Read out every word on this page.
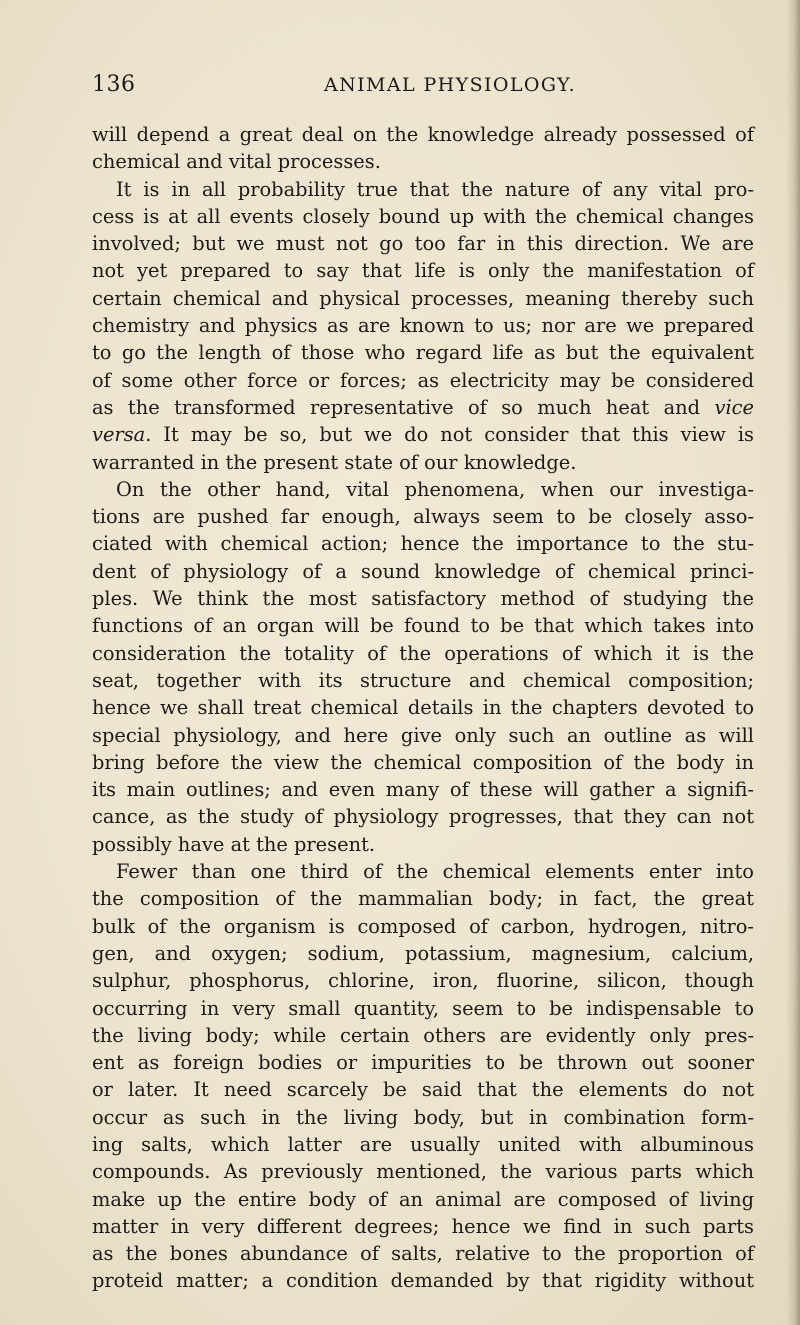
136	ANIMAL PHYSIOLOGY.
will depend a great deal on the knowledge already possessed of
chemical and vital processes.
It is in all probability true that the nature of any vital pro-
cess is at all events closely bound up with the chemical changes
involved; but we must not go too far in this direction. We are
not yet prepared to say that life is only the manifestation of
certain chemical and physical processes, meaning thereby such
chemistry and physics as are known to us; nor are we prepared
to go the length of those who regard life as but the equivalent
of some other force or forces; as electricity may be considered
as the transformed representative of so much heat and vice
versa. It may be so, but we do not consider that this view is
warranted in the present state of our knowledge.
On the other hand, vital phenomena, when our investiga-
tions are pushed far enough, always seem to be closely asso-
ciated with chemical action; hence the importance to the stu-
dent of physiology of a sound knowledge of chemical princi-
ples. We think the most satisfactory method of studying the
functions of an organ will be found to be that which takes into
consideration the totality of the operations of which it is the
seat, together with its structure and chemical composition;
hence we shall treat chemical details in the chapters devoted to
special physiology, and here give only such an outline as will
bring before the view the chemical composition of the body in
its main outlines; and even many of these will gather a signifi-
cance, as the study of physiology progresses, that they can not
possibly have at the present.
Fewer than one third of the chemical elements enter into
the composition of the mammalian body; in fact, the great
bulk of the organism is composed of carbon, hydrogen, nitro-
gen, and oxygen; sodium, potassium, magnesium, calcium,
sulphur, phosphorus, chlorine, iron, fluorine, silicon, though
occurring in very small quantity, seem to be indispensable to
the living body; while certain others are evidently only pres-
ent as foreign bodies or impurities to be thrown out sooner
or later. It need scarcely be said that the elements do not
occur as such in the living body, but in combination form-
ing salts, which latter are usually united with albuminous
compounds. As previously mentioned, the various parts which
make up the entire body of an animal are composed of living
matter in very different degrees; hence we find in such parts
as the bones abundance of salts, relative to the proportion of
proteid matter; a condition demanded by that rigidity without
